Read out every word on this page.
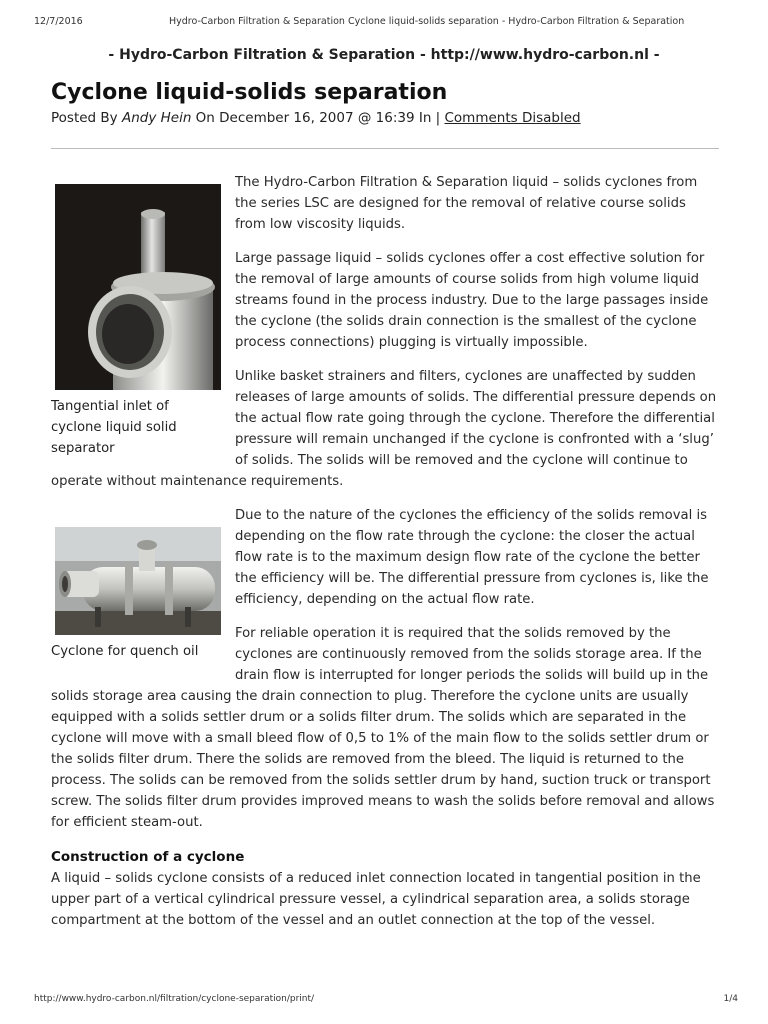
12/7/2016	Hydro-Carbon Filtration & Separation Cyclone liquid-solids separation - Hydro-Carbon Filtration & Separation
- Hydro-Carbon Filtration & Separation - http://www.hydro-carbon.nl -
Cyclone liquid-solids separation
Posted By Andy Hein On December 16, 2007 @ 16:39 In | Comments Disabled
Tangential inlet of cyclone liquid solid separator

The Hydro-Carbon Filtration & Separation liquid – solids cyclones from the series LSC are designed for the removal of relative course solids from low viscosity liquids.

Large passage liquid – solids cyclones offer a cost effective solution for the removal of large amounts of course solids from high volume liquid streams found in the process industry. Due to the large passages inside the cyclone (the solids drain connection is the smallest of the cyclone process connections) plugging is virtually impossible.

Unlike basket strainers and filters, cyclones are unaffected by sudden releases of large amounts of solids. The differential pressure depends on the actual flow rate going through the cyclone. Therefore the differential pressure will remain unchanged if the cyclone is confronted with a ‘slug’ of solids. The solids will be removed and the cyclone will continue to operate without maintenance requirements.

Cyclone for quench oil

Due to the nature of the cyclones the efficiency of the solids removal is depending on the flow rate through the cyclone: the closer the actual flow rate is to the maximum design flow rate of the cyclone the better the efficiency will be. The differential pressure from cyclones is, like the efficiency, depending on the actual flow rate.

For reliable operation it is required that the solids removed by the cyclones are continuously removed from the solids storage area. If the drain flow is interrupted for longer periods the solids will build up in the solids storage area causing the drain connection to plug. Therefore the cyclone units are usually equipped with a solids settler drum or a solids filter drum. The solids which are separated in the cyclone will move with a small bleed flow of 0,5 to 1% of the main flow to the solids settler drum or the solids filter drum. There the solids are removed from the bleed. The liquid is returned to the process. The solids can be removed from the solids settler drum by hand, suction truck or transport screw. The solids filter drum provides improved means to wash the solids before removal and allows for efficient steam-out.

Construction of a cyclone

A liquid – solids cyclone consists of a reduced inlet connection located in tangential position in the upper part of a vertical cylindrical pressure vessel, a cylindrical separation area, a solids storage compartment at the bottom of the vessel and an outlet connection at the top of the vessel.

http://www.hydro-carbon.nl/filtration/cyclone-separation/print/	1/4
